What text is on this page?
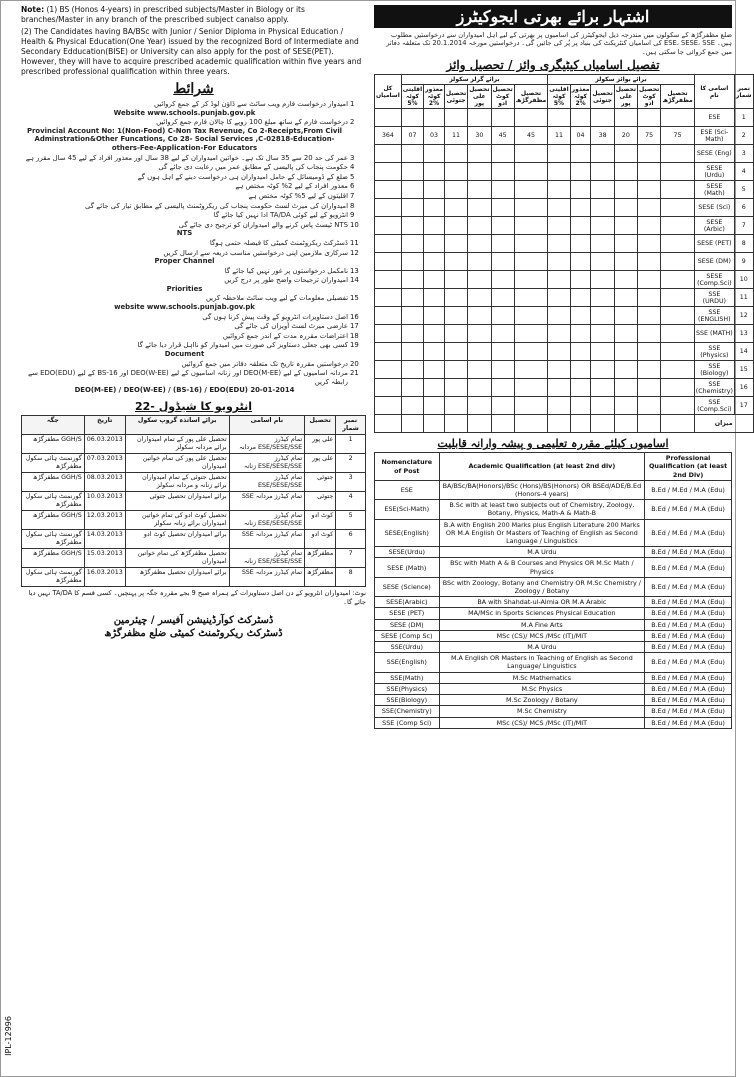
Note: (1) BS (Honos 4-years) in prescribed subjects/Master in Biology or its branches/Master in any branch of the prescribed subject canalso apply.

(2) The Candidates having BA/BSc with Junior / Senior Diploma in Physical Education / Health & Physical Education(One Year) issued by the recognized Bord of Intermediate and Secondary Edducation(BISE) or University can also apply for the post of SESE(PET). However, they will have to acquire prescribed academic qualification within five years and prescribed professional qualification within three years.

شرائط
1
امیدوار درخواست فارم ویب سائٹ سے ڈاؤن لوڈ کر کے جمع کروائیں
Website www.schools.punjab.gov.pk
2
درخواست فارم کے ساتھ مبلغ 100 روپے کا چالان فارم جمع کروائیں
Provincial Account No: 1(Non-Food) C-Non Tax Revenue, Co 2-Receipts,From Civil Adminstration&Other Funcations, Co 28- Social Services ,C-02818-Education-others-Fee-Application-For Educators
3
عمر کی حد 20 سے 35 سال تک ہے۔ خواتین امیدواران کے لیے 38 سال اور معذور افراد کے لیے 45 سال مقرر ہے
4
حکومت پنجاب کی پالیسی کے مطابق عمر میں رعایت دی جائے گی
5
ضلع کے ڈومیسائل کے حامل امیدواران ہی درخواست دینے کے اہل ہوں گے
6
معذور افراد کے لیے 2% کوٹہ مختص ہے
7
اقلیتوں کے لیے 5% کوٹہ مختص ہے
8
امیدواران کی میرٹ لسٹ حکومت پنجاب کی ریکروٹمنٹ پالیسی کے مطابق تیار کی جائے گی
9
انٹرویو کے لیے کوئی TA/DA ادا نہیں کیا جائے گا
10
NTS ٹیسٹ پاس کرنے والے امیدواران کو ترجیح دی جائے گی
NTS
11
ڈسٹرکٹ ریکروٹمنٹ کمیٹی کا فیصلہ حتمی ہوگا
12
سرکاری ملازمین اپنی درخواستیں مناسب ذریعہ سے ارسال کریں
Proper Channel
13
نامکمل درخواستوں پر غور نہیں کیا جائے گا
14
امیدواران ترجیحات واضح طور پر درج کریں
Priorities
15
تفصیلی معلومات کے لیے ویب سائٹ ملاحظہ کریں
website www.schools.punjab.gov.pk
16
اصل دستاویزات انٹرویو کے وقت پیش کرنا ہوں گی
17
عارضی میرٹ لسٹ آویزاں کی جائے گی
18
اعتراضات مقررہ مدت کے اندر جمع کروائیں
19
کسی بھی جعلی دستاویز کی صورت میں امیدوار کو نااہل قرار دیا جائے گا
Document
20
درخواستیں مقررہ تاریخ تک متعلقہ دفاتر میں جمع کروائیں
21
مردانہ اسامیوں کے لیے DEO(M-EE) اور زنانہ اسامیوں کے لیے DEO(W-EE) اور BS-16 کے لیے EDO(EDU) سے رابطہ کریں
DEO(M-EE) / DEO(W-EE) / (BS-16) / EDO(EDU) 20-01-2014
22- انٹرویو کا شیڈول
جگہ	تاریخ	برائے اساتذہ گروپ سکول	نام اسامی	تحصیل	نمبر شمار
GGH/S مظفرگڑھ	06.03.2013	تحصیل علی پور کے تمام امیدواران برائے مردانہ سکولز	تمام کیڈرز ESE/SESE/SSE مردانہ	علی پور	1
گورنمنٹ ہائی سکول مظفرگڑھ	07.03.2013	تحصیل علی پور کی تمام خواتین امیدواران	تمام کیڈرز ESE/SESE/SSE زنانہ	علی پور	2
GGH/S مظفرگڑھ	08.03.2013	تحصیل جتوئی کے تمام امیدواران برائے زنانہ و مردانہ سکولز	تمام کیڈرز ESE/SESE/SSE	جتوئی	3
گورنمنٹ ہائی سکول مظفرگڑھ	10.03.2013	برائے امیدواران تحصیل جتوئی	تمام کیڈرز مردانہ SSE	جتوئی	4
GGH/S مظفرگڑھ	12.03.2013	تحصیل کوٹ ادو کی تمام خواتین امیدواران برائے زنانہ سکولز	تمام کیڈرز ESE/SESE/SSE زنانہ	کوٹ ادو	5
گورنمنٹ ہائی سکول مظفرگڑھ	14.03.2013	برائے امیدواران تحصیل کوٹ ادو	تمام کیڈرز مردانہ SSE	کوٹ ادو	6
GGH/S مظفرگڑھ	15.03.2013	تحصیل مظفرگڑھ کی تمام خواتین امیدواران	تمام کیڈرز ESE/SESE/SSE زنانہ	مظفرگڑھ	7
گورنمنٹ ہائی سکول مظفرگڑھ	16.03.2013	برائے امیدواران تحصیل مظفرگڑھ	تمام کیڈرز مردانہ SSE	مظفرگڑھ	8
نوٹ: امیدواران انٹرویو کے دن اصل دستاویزات کے ہمراہ صبح 9 بجے مقررہ جگہ پر پہنچیں۔ کسی قسم کا TA/DA نہیں دیا جائے گا۔
ڈسٹرکٹ کوآرڈینیشن آفیسر / چیئرمین
ڈسٹرکٹ ریکروٹمنٹ کمیٹی ضلع مظفرگڑھ
IPL-12996
اشتہار برائے بھرتی ایجوکیٹرز
ضلع مظفرگڑھ کے سکولوں میں مندرجہ ذیل ایجوکیٹرز کی اسامیوں پر بھرتی کے لیے اہل امیدواران سے درخواستیں مطلوب ہیں۔ ESE، SESE، SSE کی اسامیاں کنٹریکٹ کی بنیاد پر پُر کی جائیں گی۔ درخواستیں مورخہ 20.1.2014 تک متعلقہ دفاتر میں جمع کروائی جا سکتی ہیں۔
تفصیل اسامیاں کیٹیگری وائز / تحصیل وائز
کل اسامیاں	برائے گرلز سکولز						برائے بوائز سکولز						اسامی کا نام	نمبر شمار
	اقلیتی کوٹہ 5%	معذور کوٹہ 2%	تحصیل جتوئی	تحصیل علی پور	تحصیل کوٹ ادو	تحصیل مظفرگڑھ	اقلیتی کوٹہ 5%	معذور کوٹہ 2%	تحصیل جتوئی	تحصیل علی پور	تحصیل کوٹ ادو	تحصیل مظفرگڑھ		
													ESE	1
364	07	03	11	30	45	45	11	04	38	20	75	75	ESE (Sci-Math)	2
													SESE (Eng)	3
													SESE (Urdu)	4
													SESE (Math)	5
													SESE (Sci)	6
													SESE (Arbic)	7
													SESE (PET)	8
													SESE (DM)	9
													SESE (Comp.Sci)	10
													SSE (URDU)	11
													SSE (ENGLISH)	12
													SSE (MATH)	13
													SSE (Physics)	14
													SSE (Biology)	15
													SSE (Chemistry)	16
													SSE (Comp.Sci)	17
													میزان	
اسامیوں کیلئے مقررہ تعلیمی و پیشہ وارانہ قابلیت
Nomenclature of Post	Academic Qualification (at least 2nd div)	Professional Qualification (at least 2nd Div)
ESE	BA/BSc/BA(Honors)/BSc (Hons)/BS(Honors) OR BSEd/ADE/B.Ed (Honors-4 years)	B.Ed / M.Ed / M.A (Edu)
ESE(Sci-Math)	B.Sc with at least two subjects out of Chemistry, Zoology, Botany, Physics, Math-A & Math-B	B.Ed / M.Ed / M.A (Edu)
SESE(English)	B.A with English 200 Marks plus English Literature 200 Marks OR M.A English Or Masters of Teaching of English as Second Language / Linguistics	B.Ed / M.Ed / M.A (Edu)
SESE(Urdu)	M.A Urdu	B.Ed / M.Ed / M.A (Edu)
SESE (Math)	BSc with Math A & B Courses and Physics OR M.Sc Math / Physics	B.Ed / M.Ed / M.A (Edu)
SESE (Science)	BSc with Zoology, Botany and Chemistry OR M.Sc Chemistry / Zoology / Botany	B.Ed / M.Ed / M.A (Edu)
SESE(Arabic)	BA with Shahdat-ul-Almia OR M.A Arabic	B.Ed / M.Ed / M.A (Edu)
SESE (PET)	MA/MSc in Sports Sciences Physical Education	B.Ed / M.Ed / M.A (Edu)
SESE (DM)	M.A Fine Arts	B.Ed / M.Ed / M.A (Edu)
SESE (Comp Sc)	MSc (CS)/ MCS /MSc (IT)/MIT	B.Ed / M.Ed / M.A (Edu)
SSE(Urdu)	M.A Urdu	B.Ed / M.Ed / M.A (Edu)
SSE(English)	M.A English OR Masters in Teaching of English as Second Language/ Linguistics	B.Ed / M.Ed / M.A (Edu)
SSE(Math)	M.Sc Mathematics	B.Ed / M.Ed / M.A (Edu)
SSE(Physics)	M.Sc Physics	B.Ed / M.Ed / M.A (Edu)
SSE(Biology)	M.Sc Zoology / Botany	B.Ed / M.Ed / M.A (Edu)
SSE(Chemistry)	M.Sc Chemistry	B.Ed / M.Ed / M.A (Edu)
SSE (Comp Sci)	MSc (CS)/ MCS /MSc (IT)/MIT	B.Ed / M.Ed / M.A (Edu)
